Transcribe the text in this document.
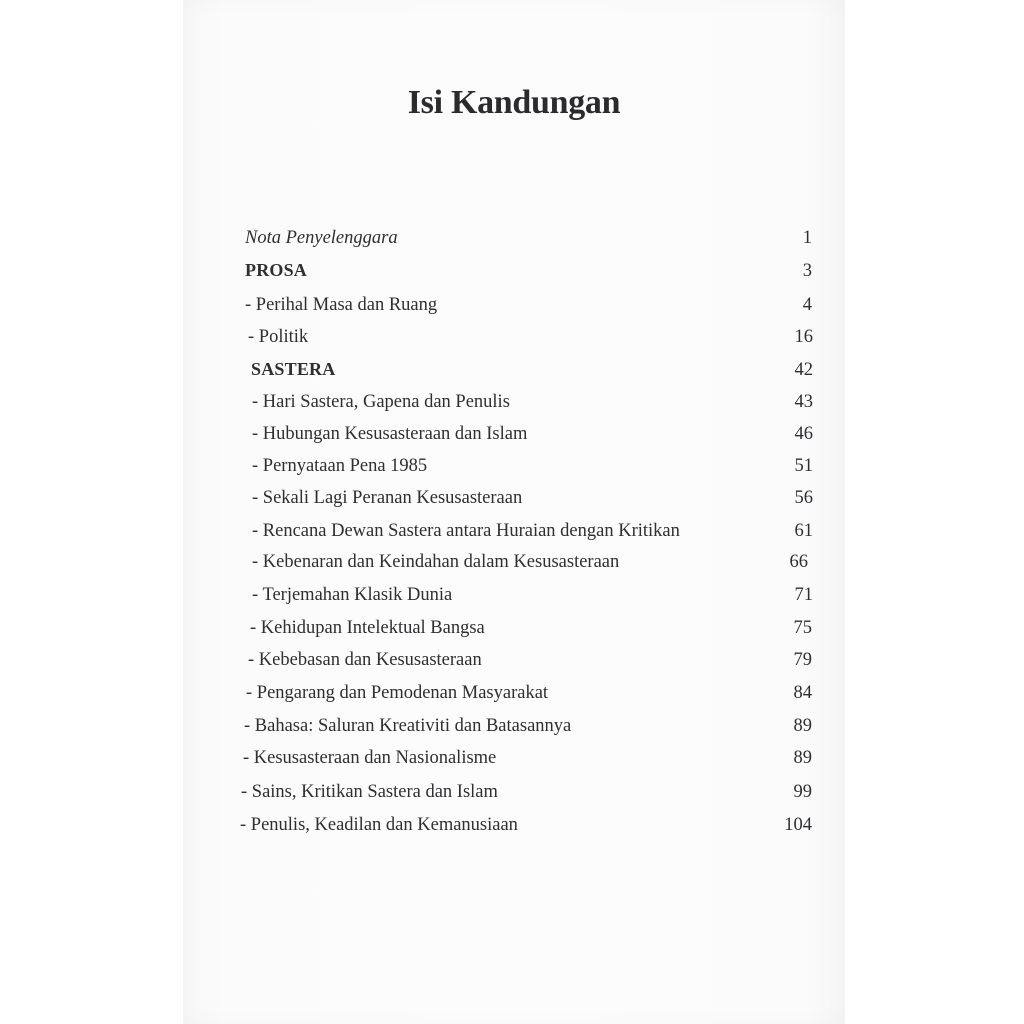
Isi Kandungan
Nota Penyelenggara	1
PROSA	3
- Perihal Masa dan Ruang	4
- Politik	16
SASTERA	42
- Hari Sastera, Gapena dan Penulis	43
- Hubungan Kesusasteraan dan Islam	46
- Pernyataan Pena 1985	51
- Sekali Lagi Peranan Kesusasteraan	56
- Rencana Dewan Sastera antara Huraian dengan Kritikan	61
- Kebenaran dan Keindahan dalam Kesusasteraan	66
- Terjemahan Klasik Dunia	71
- Kehidupan Intelektual Bangsa	75
- Kebebasan dan Kesusasteraan	79
- Pengarang dan Pemodenan Masyarakat	84
- Bahasa: Saluran Kreativiti dan Batasannya	89
- Kesusasteraan dan Nasionalisme	89
- Sains, Kritikan Sastera dan Islam	99
- Penulis, Keadilan dan Kemanusiaan	104
